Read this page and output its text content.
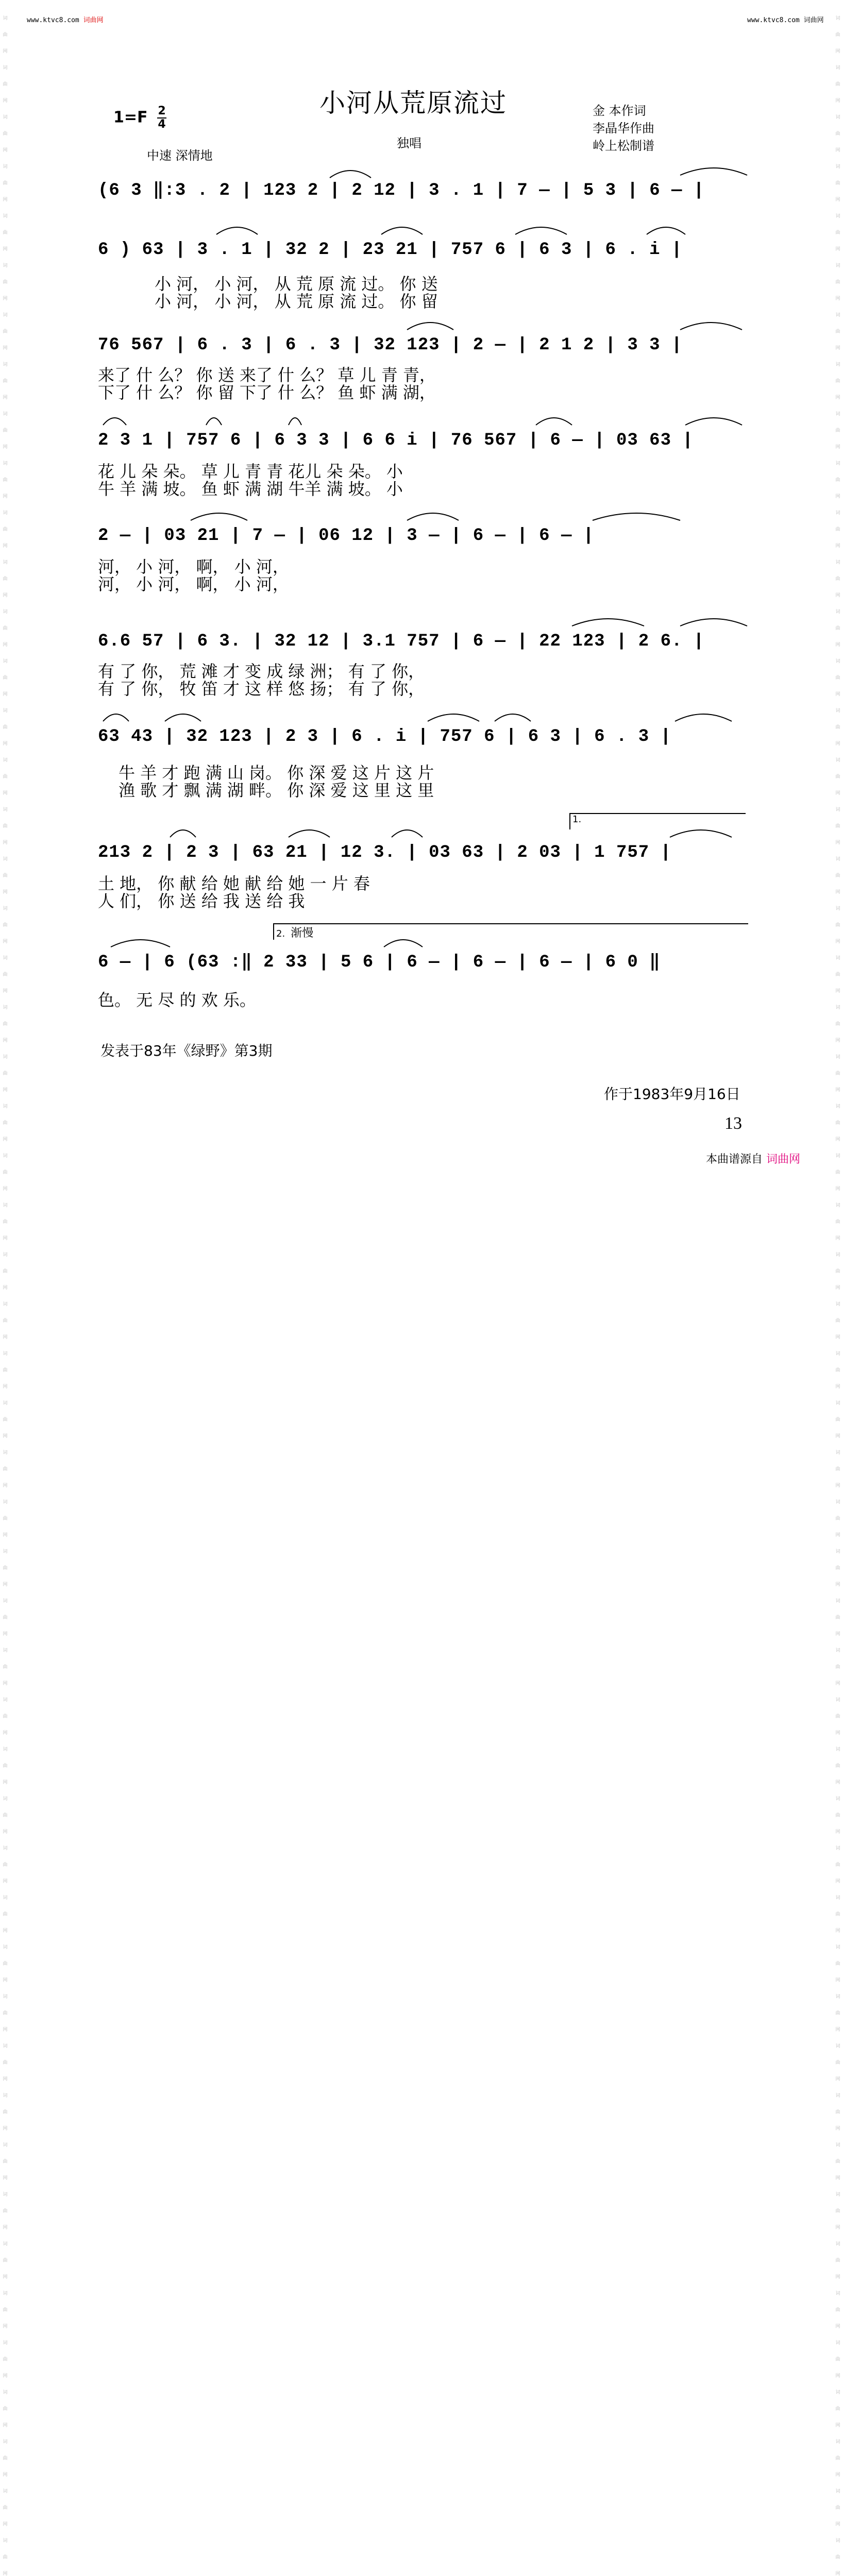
www.ktvc8.com 词曲网	www.ktvc8.com 词曲网
词曲网词曲网词曲网词曲网词曲网词曲网词曲网词曲网词曲网词曲网词曲网词曲网词曲网词曲网词曲网词曲网词曲网词曲网词曲网词曲网词曲网词曲网词曲网词曲网词曲网词曲网词曲网词曲网词曲网词曲网词曲网词曲网词曲网词曲网词曲网词曲网词曲网词曲网词曲网词曲网词曲网词曲网词曲网词曲网词曲网词曲网词曲网词曲网词曲网词曲网词曲网词曲网
词曲网词曲网词曲网词曲网词曲网词曲网词曲网词曲网词曲网词曲网词曲网词曲网词曲网词曲网词曲网词曲网词曲网词曲网词曲网词曲网词曲网词曲网词曲网词曲网词曲网词曲网词曲网词曲网词曲网词曲网词曲网词曲网词曲网词曲网词曲网词曲网词曲网词曲网词曲网词曲网词曲网词曲网词曲网词曲网词曲网词曲网词曲网词曲网词曲网词曲网词曲网词曲网
小河从荒原流过
$1=F \frac{2}{4}$
独唱
中速 深情地
金 本作词
李晶华作曲
岭上松制谱
(6 3 ‖:3 . 2 | 123 2 | 2 12 | 3 . 1 | 7 — | 5 3 | 6 — |
6 ) 63 | 3 . 1 | 32 2 | 23 21 | 757 6 | 6 3 | 6 . i |
小 河， 小 河， 从 荒 原 流 过。 你 送
小 河， 小 河， 从 荒 原 流 过。 你 留
76 567 | 6 . 3 | 6 . 3 | 32 123 | 2 — | 2 1 2 | 3 3 |
来了 什 么？ 你 送 来了 什 么？ 草 儿 青 青，
下了 什 么？ 你 留 下了 什 么？ 鱼 虾 满 湖，
2 3 1 | 757 6 | 6 3 3 | 6 6 i | 76 567 | 6 — | 03 63 |
花 儿 朵 朵。 草 儿 青 青 花儿 朵 朵。 小
牛 羊 满 坡。 鱼 虾 满 湖 牛羊 满 坡。 小
2 — | 03 21 | 7 — | 06 12 | 3 — | 6 — | 6 — |
河， 小 河， 啊， 小 河，
河， 小 河， 啊， 小 河，
6.6 57 | 6 3. | 32 12 | 3.1 757 | 6 — | 22 123 | 2 6. |
有 了 你， 荒 滩 才 变 成 绿 洲； 有 了 你，
有 了 你， 牧 笛 才 这 样 悠 扬； 有 了 你，
63 43 | 32 123 | 2 3 | 6 . i | 757 6 | 6 3 | 6 . 3 |
牛 羊 才 跑 满 山 岗。 你 深 爱 这 片 这 片
渔 歌 才 飘 满 湖 畔。 你 深 爱 这 里 这 里
213 2 | 2 3 | 63 21 | 12 3. | 03 63 | 2 03 | 1 757 |
土 地， 你 献 给 她 献 给 她 一 片 春
人 们， 你 送 给 我 送 给 我
6 — | 6 (63 :‖ 2 33 | 5 6 | 6 — | 6 — | 6 — | 6 0 ‖
色。 无 尽 的 欢 乐。
1.
2. 渐慢
发表于83年《绿野》第3期
作于1983年9月16日
13
本曲谱源自 词曲网
